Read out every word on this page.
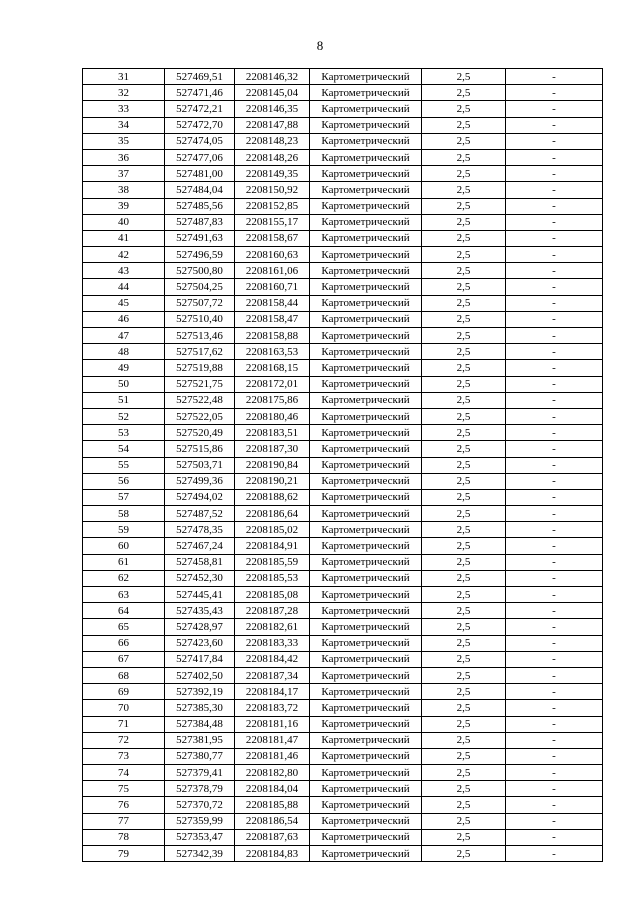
8
31	527469,51	2208146,32	Картометрический	2,5	-
32	527471,46	2208145,04	Картометрический	2,5	-
33	527472,21	2208146,35	Картометрический	2,5	-
34	527472,70	2208147,88	Картометрический	2,5	-
35	527474,05	2208148,23	Картометрический	2,5	-
36	527477,06	2208148,26	Картометрический	2,5	-
37	527481,00	2208149,35	Картометрический	2,5	-
38	527484,04	2208150,92	Картометрический	2,5	-
39	527485,56	2208152,85	Картометрический	2,5	-
40	527487,83	2208155,17	Картометрический	2,5	-
41	527491,63	2208158,67	Картометрический	2,5	-
42	527496,59	2208160,63	Картометрический	2,5	-
43	527500,80	2208161,06	Картометрический	2,5	-
44	527504,25	2208160,71	Картометрический	2,5	-
45	527507,72	2208158,44	Картометрический	2,5	-
46	527510,40	2208158,47	Картометрический	2,5	-
47	527513,46	2208158,88	Картометрический	2,5	-
48	527517,62	2208163,53	Картометрический	2,5	-
49	527519,88	2208168,15	Картометрический	2,5	-
50	527521,75	2208172,01	Картометрический	2,5	-
51	527522,48	2208175,86	Картометрический	2,5	-
52	527522,05	2208180,46	Картометрический	2,5	-
53	527520,49	2208183,51	Картометрический	2,5	-
54	527515,86	2208187,30	Картометрический	2,5	-
55	527503,71	2208190,84	Картометрический	2,5	-
56	527499,36	2208190,21	Картометрический	2,5	-
57	527494,02	2208188,62	Картометрический	2,5	-
58	527487,52	2208186,64	Картометрический	2,5	-
59	527478,35	2208185,02	Картометрический	2,5	-
60	527467,24	2208184,91	Картометрический	2,5	-
61	527458,81	2208185,59	Картометрический	2,5	-
62	527452,30	2208185,53	Картометрический	2,5	-
63	527445,41	2208185,08	Картометрический	2,5	-
64	527435,43	2208187,28	Картометрический	2,5	-
65	527428,97	2208182,61	Картометрический	2,5	-
66	527423,60	2208183,33	Картометрический	2,5	-
67	527417,84	2208184,42	Картометрический	2,5	-
68	527402,50	2208187,34	Картометрический	2,5	-
69	527392,19	2208184,17	Картометрический	2,5	-
70	527385,30	2208183,72	Картометрический	2,5	-
71	527384,48	2208181,16	Картометрический	2,5	-
72	527381,95	2208181,47	Картометрический	2,5	-
73	527380,77	2208181,46	Картометрический	2,5	-
74	527379,41	2208182,80	Картометрический	2,5	-
75	527378,79	2208184,04	Картометрический	2,5	-
76	527370,72	2208185,88	Картометрический	2,5	-
77	527359,99	2208186,54	Картометрический	2,5	-
78	527353,47	2208187,63	Картометрический	2,5	-
79	527342,39	2208184,83	Картометрический	2,5	-
